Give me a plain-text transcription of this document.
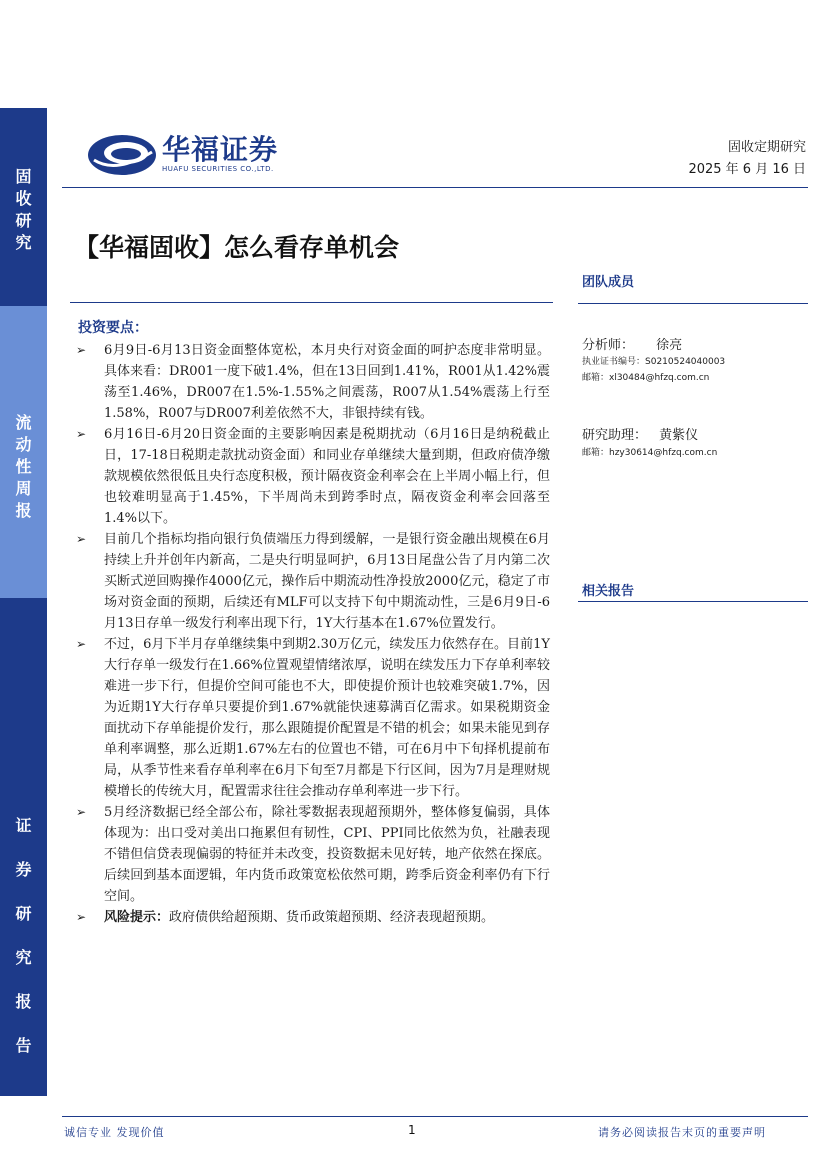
固
收
研
究
流
动
性
周
报
证
券
研
究
报
告
华福证券
HUAFU SECURITIES CO.,LTD.
固收定期研究
2025 年 6 月 16 日
【华福固收】怎么看存单机会
投资要点：
➢ 6月9日-6月13日资金面整体宽松，本月央行对资金面的呵护态度非常明显。具体来看：DR001一度下破1.4%，但在13日回到1.41%，R001从1.42%震荡至1.46%，DR007在1.5%-1.55%之间震荡，R007从1.54%震荡上行至1.58%，R007与DR007利差依然不大，非银持续有钱。
➢ 6月16日-6月20日资金面的主要影响因素是税期扰动（6月16日是纳税截止日，17-18日税期走款扰动资金面）和同业存单继续大量到期，但政府债净缴款规模依然很低且央行态度积极，预计隔夜资金利率会在上半周小幅上行，但也较难明显高于1.45%，下半周尚未到跨季时点，隔夜资金利率会回落至1.4%以下。
➢ 目前几个指标均指向银行负债端压力得到缓解，一是银行资金融出规模在6月持续上升并创年内新高，二是央行明显呵护，6月13日尾盘公告了月内第二次买断式逆回购操作4000亿元，操作后中期流动性净投放2000亿元，稳定了市场对资金面的预期，后续还有MLF可以支持下旬中期流动性，三是6月9日-6月13日存单一级发行利率出现下行，1Y大行基本在1.67%位置发行。
➢ 不过，6月下半月存单继续集中到期2.30万亿元，续发压力依然存在。目前1Y大行存单一级发行在1.66%位置观望情绪浓厚，说明在续发压力下存单利率较难进一步下行，但提价空间可能也不大，即使提价预计也较难突破1.7%，因为近期1Y大行存单只要提价到1.67%就能快速募满百亿需求。如果税期资金面扰动下存单能提价发行，那么跟随提价配置是不错的机会；如果未能见到存单利率调整，那么近期1.67%左右的位置也不错，可在6月中下旬择机提前布局，从季节性来看存单利率在6月下旬至7月都是下行区间，因为7月是理财规模增长的传统大月，配置需求往往会推动存单利率进一步下行。
➢ 5月经济数据已经全部公布，除社零数据表现超预期外，整体修复偏弱，具体体现为：出口受对美出口拖累但有韧性，CPI、PPI同比依然为负，社融表现不错但信贷表现偏弱的特征并未改变，投资数据未见好转，地产依然在探底。后续回到基本面逻辑，年内货币政策宽松依然可期，跨季后资金利率仍有下行空间。
➢ 风险提示：政府债供给超预期、货币政策超预期、经济表现超预期。
团队成员
分析师： 徐亮
执业证书编号：S0210524040003
邮箱：xl30484@hfzq.com.cn
研究助理： 黄紫仪
邮箱：hzy30614@hfzq.com.cn
相关报告
诚信专业 发现价值	1	请务必阅读报告末页的重要声明
